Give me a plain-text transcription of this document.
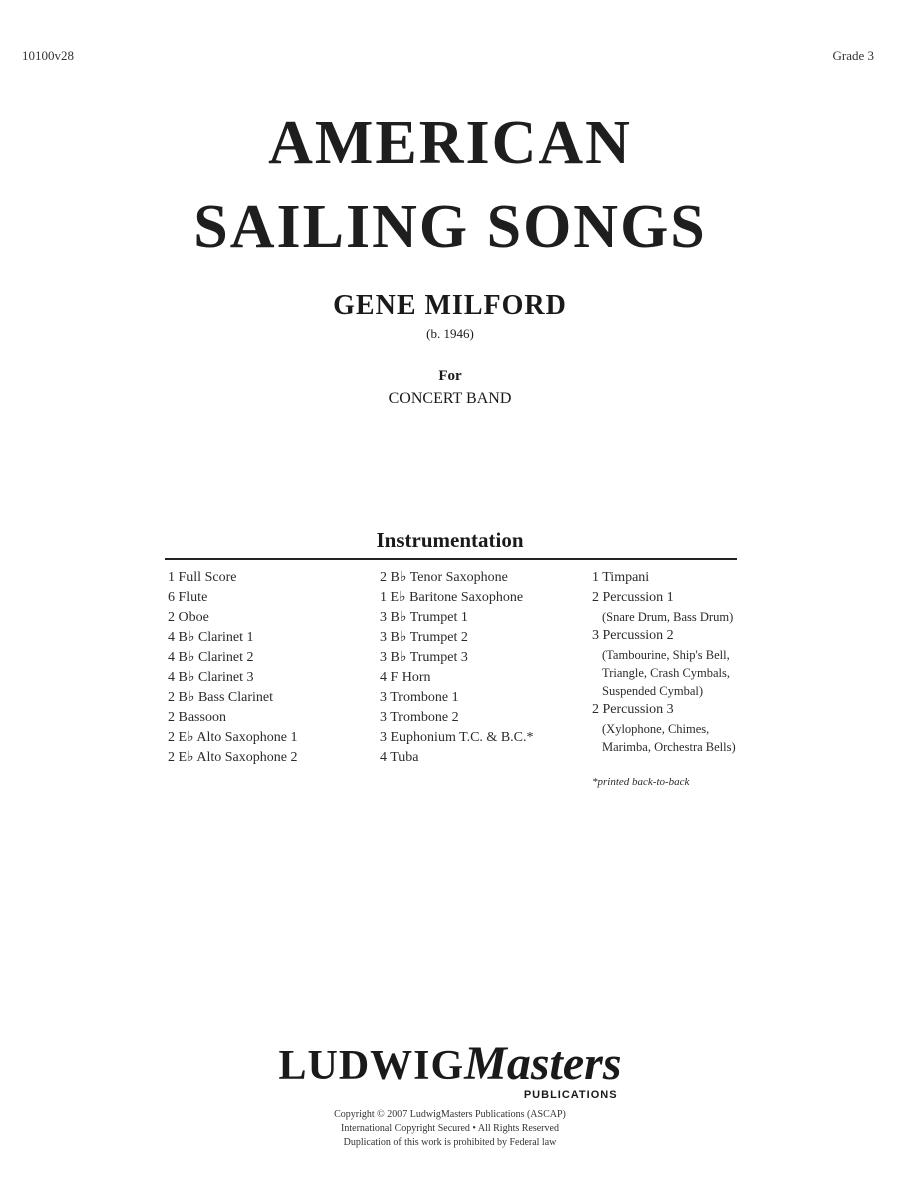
10100v28	Grade 3
AMERICAN
SAILING SONGS
GENE MILFORD
(b. 1946)
For
CONCERT BAND
Instrumentation
1 Full Score
6 Flute
2 Oboe
4 B♭ Clarinet 1
4 B♭ Clarinet 2
4 B♭ Clarinet 3
2 B♭ Bass Clarinet
2 Bassoon
2 E♭ Alto Saxophone 1
2 E♭ Alto Saxophone 2
2 B♭ Tenor Saxophone
1 E♭ Baritone Saxophone
3 B♭ Trumpet 1
3 B♭ Trumpet 2
3 B♭ Trumpet 3
4 F Horn
3 Trombone 1
3 Trombone 2
3 Euphonium T.C. & B.C.*
4 Tuba
1 Timpani
2 Percussion 1
(Snare Drum, Bass Drum)
3 Percussion 2
(Tambourine, Ship's Bell,
Triangle, Crash Cymbals,
Suspended Cymbal)
2 Percussion 3
(Xylophone, Chimes,
Marimba, Orchestra Bells)
*printed back-to-back
LUDWIGMasters
PUBLICATIONS
Copyright © 2007 LudwigMasters Publications (ASCAP)
International Copyright Secured • All Rights Reserved
Duplication of this work is prohibited by Federal law
